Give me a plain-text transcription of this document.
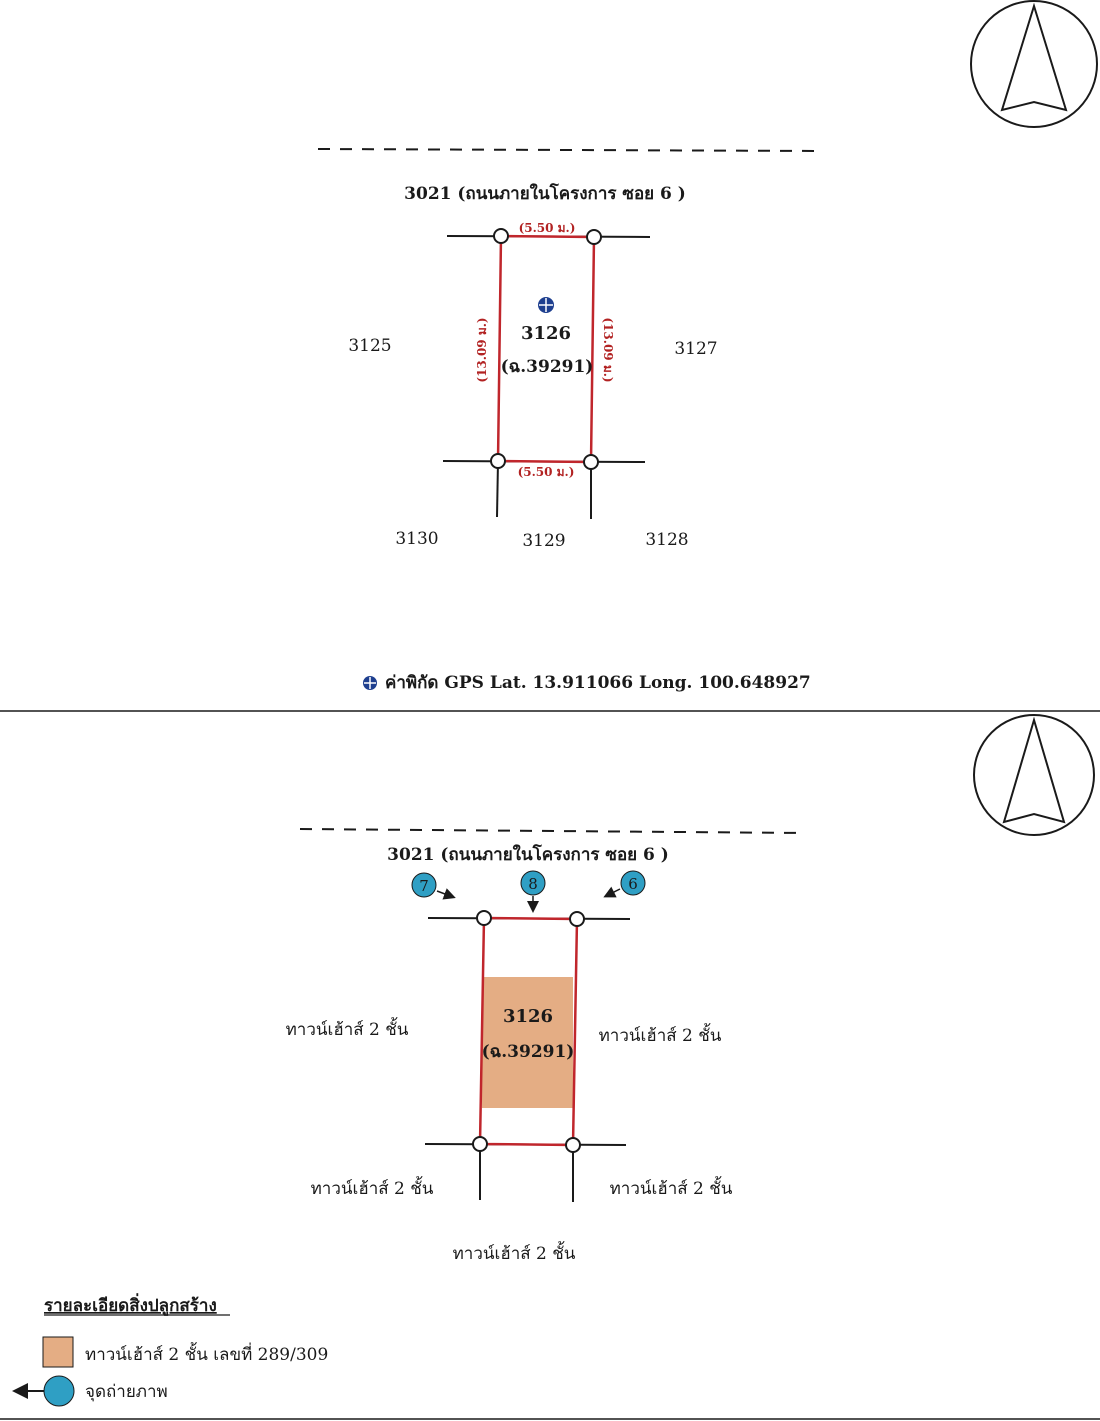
3021 (ถนนภายในโครงการ ซอย 6 )
(5.50 ม.)
(5.50 ม.)
(13.09 ม.)	(13.09 ม.)
3126
(ฉ.39291)
3125	3127
3130	3129	3128
ค่าพิกัด GPS Lat. 13.911066 Long. 100.648927
3021 (ถนนภายในโครงการ ซอย 6 )
7	8	6
3126
(ฉ.39291)
ทาวน์เฮ้าส์ 2 ชั้น	ทาวน์เฮ้าส์ 2 ชั้น
ทาวน์เฮ้าส์ 2 ชั้น	ทาวน์เฮ้าส์ 2 ชั้น
ทาวน์เฮ้าส์ 2 ชั้น
รายละเอียดสิ่งปลูกสร้าง
ทาวน์เฮ้าส์ 2 ชั้น เลขที่ 289/309
จุดถ่ายภาพ
